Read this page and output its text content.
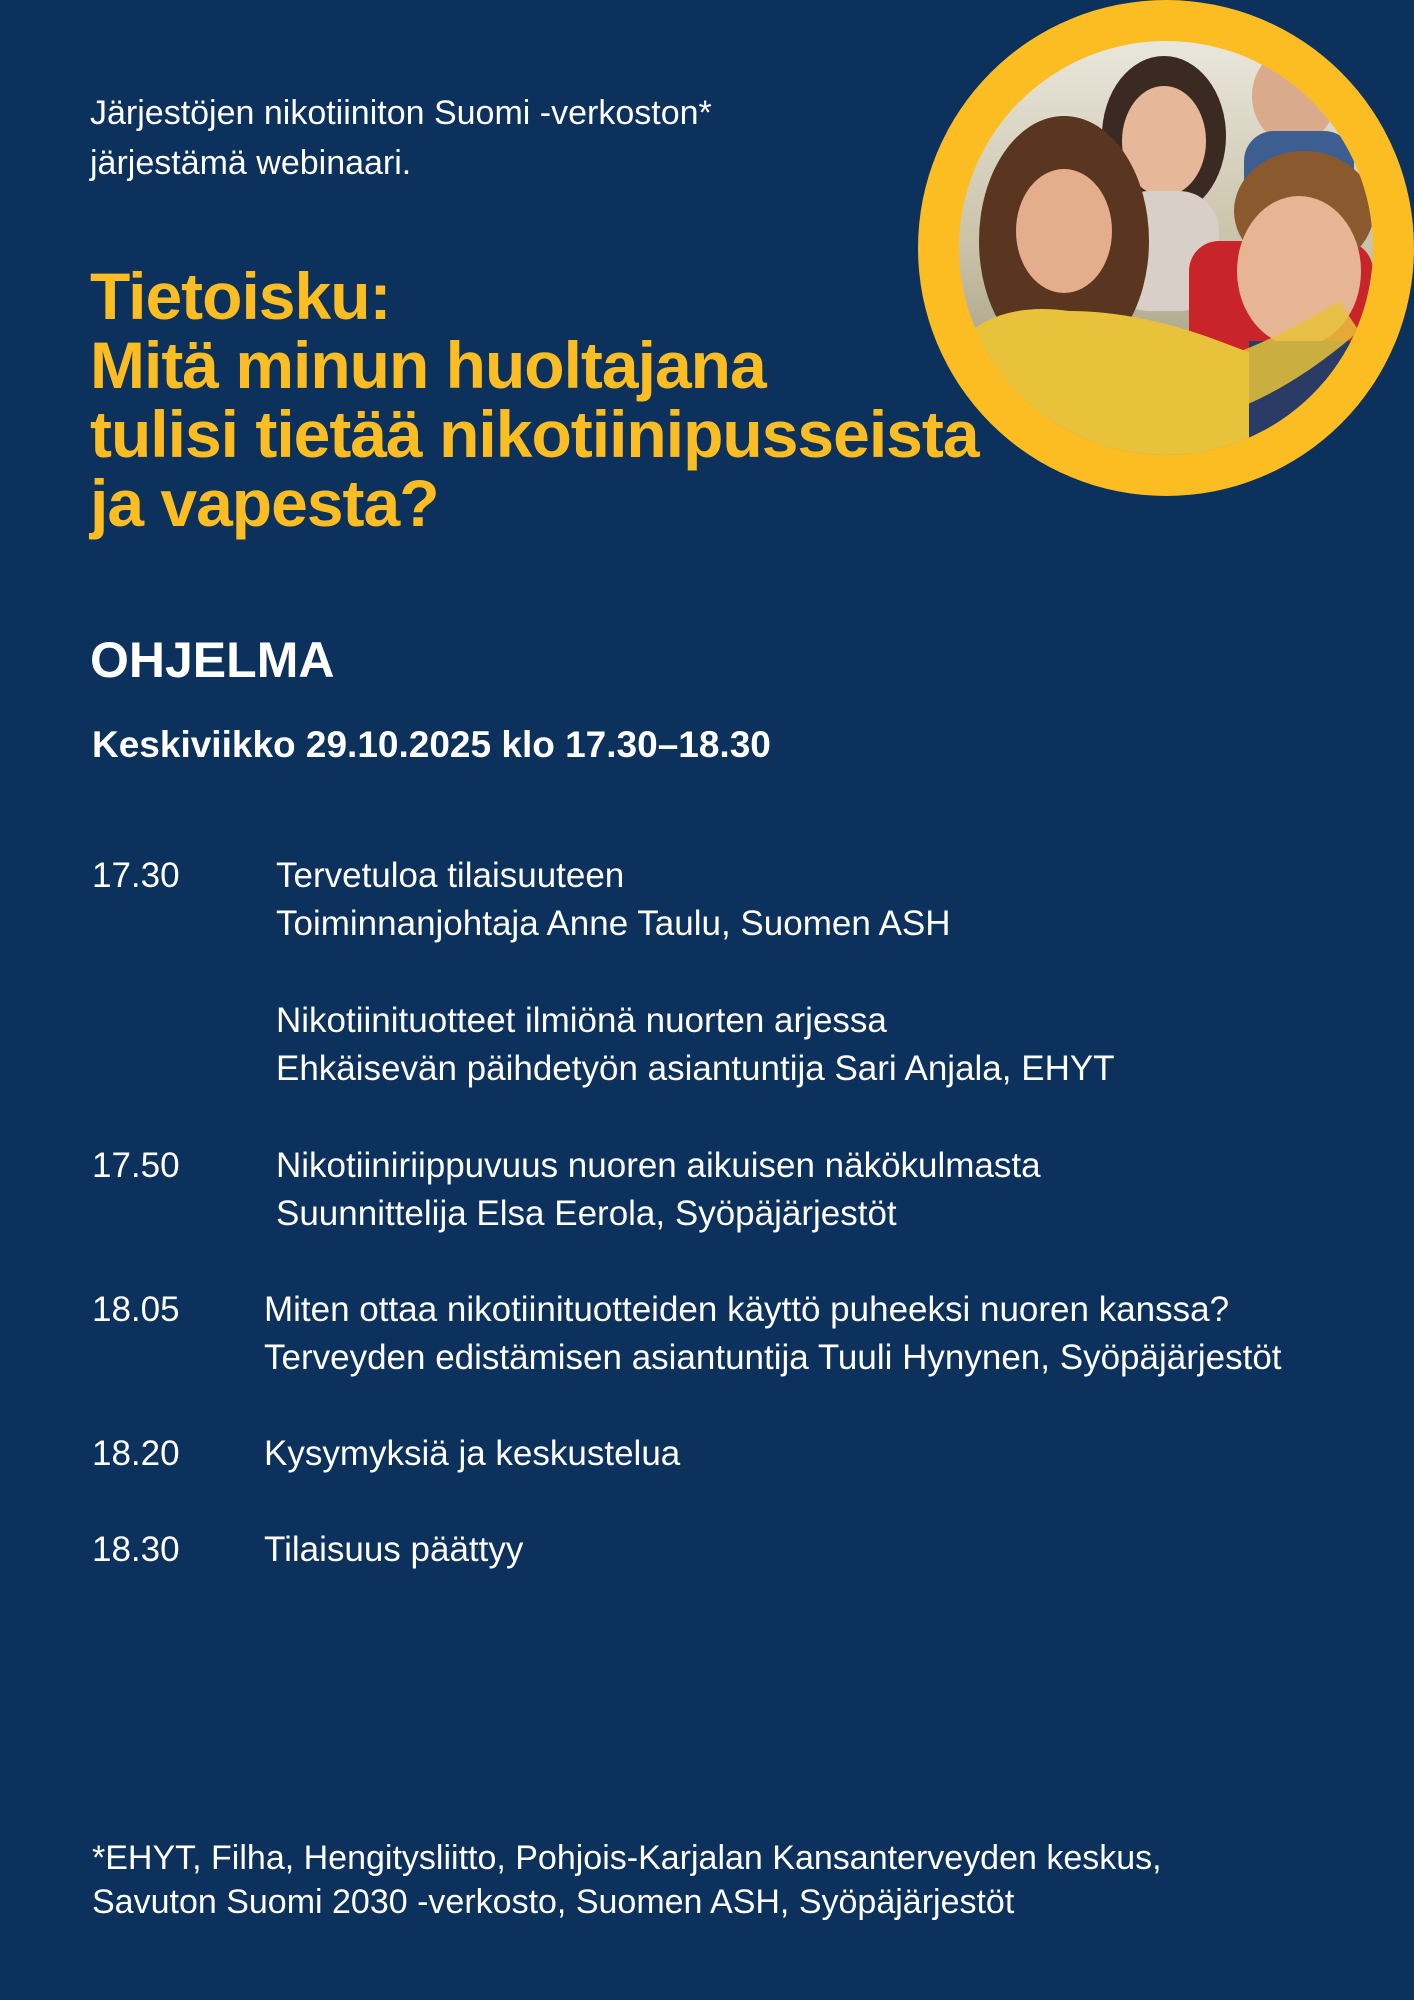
Järjestöjen nikotiiniton Suomi -verkoston*
järjestämä webinaari.
Tietoisku:
Mitä minun huoltajana
tulisi tietää nikotiinipusseista
ja vapesta?
OHJELMA
Keskiviikko 29.10.2025 klo 17.30–18.30
17.30	Tervetuloa tilaisuuteen
Toiminnanjohtaja Anne Taulu, Suomen ASH
Nikotiinituotteet ilmiönä nuorten arjessa
Ehkäisevän päihdetyön asiantuntija Sari Anjala, EHYT
17.50	Nikotiiniriippuvuus nuoren aikuisen näkökulmasta
Suunnittelija Elsa Eerola, Syöpäjärjestöt
18.05 Miten ottaa nikotiinituotteiden käyttö puheeksi nuoren kanssa?
Terveyden edistämisen asiantuntija Tuuli Hynynen, Syöpäjärjestöt
18.20 Kysymyksiä ja keskustelua
18.30 Tilaisuus päättyy
*EHYT, Filha, Hengitysliitto, Pohjois-Karjalan Kansanterveyden keskus,
Savuton Suomi 2030 -verkosto, Suomen ASH, Syöpäjärjestöt
